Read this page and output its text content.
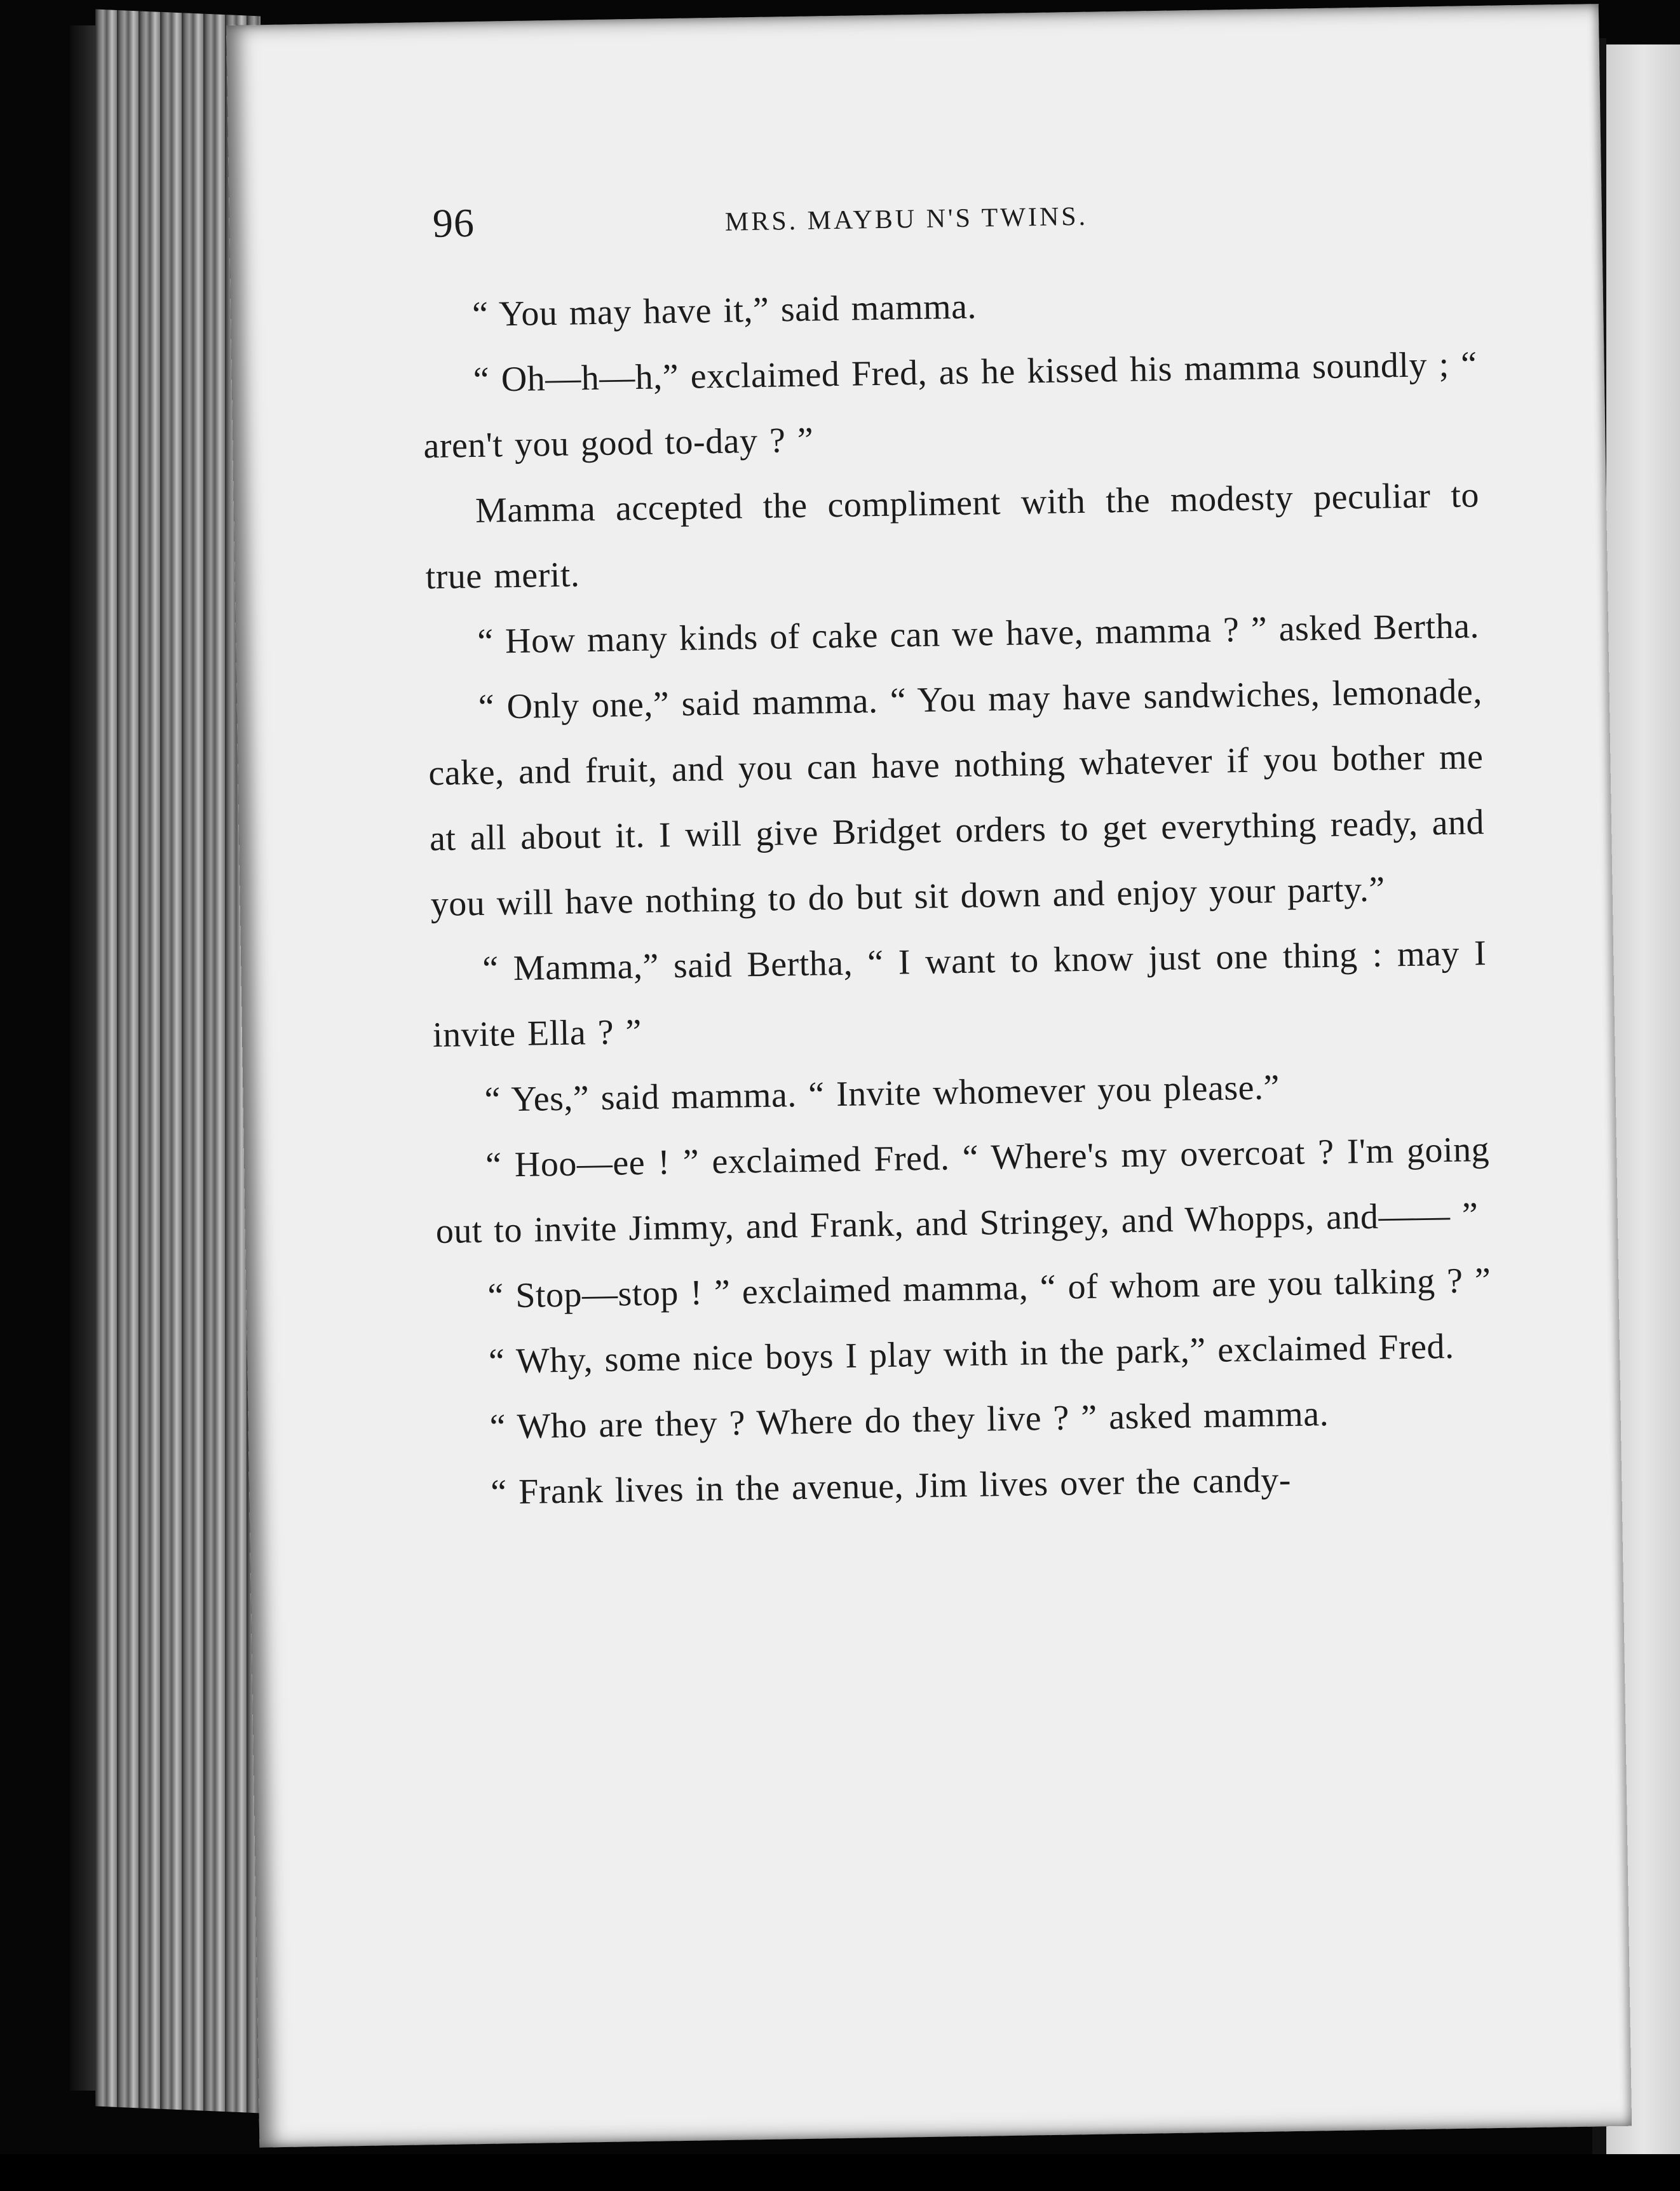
96	MRS. MAYBU N'S TWINS.

“ You may have it,” said mamma.

“ Oh—h—h,” exclaimed Fred, as he kissed his mamma soundly ; “ aren't you good to-day ? ”

Mamma accepted the compliment with the modesty peculiar to true merit.

“ How many kinds of cake can we have, mamma ? ” asked Bertha.

“ Only one,” said mamma. “ You may have sandwiches, lemonade, cake, and fruit, and you can have nothing whatever if you bother me at all about it. I will give Bridget orders to get everything ready, and you will have nothing to do but sit down and enjoy your party.”

“ Mamma,” said Bertha, “ I want to know just one thing : may I invite Ella ? ”

“ Yes,” said mamma. “ Invite whomever you please.”

“ Hoo—ee ! ” exclaimed Fred. “ Where's my overcoat ? I'm going out to invite Jimmy, and Frank, and Stringey, and Whopps, and—— ”

“ Stop—stop ! ” exclaimed mamma, “ of whom are you talking ? ”

“ Why, some nice boys I play with in the park,” exclaimed Fred.

“ Who are they ? Where do they live ? ” asked mamma.

“ Frank lives in the avenue, Jim lives over the candy-
